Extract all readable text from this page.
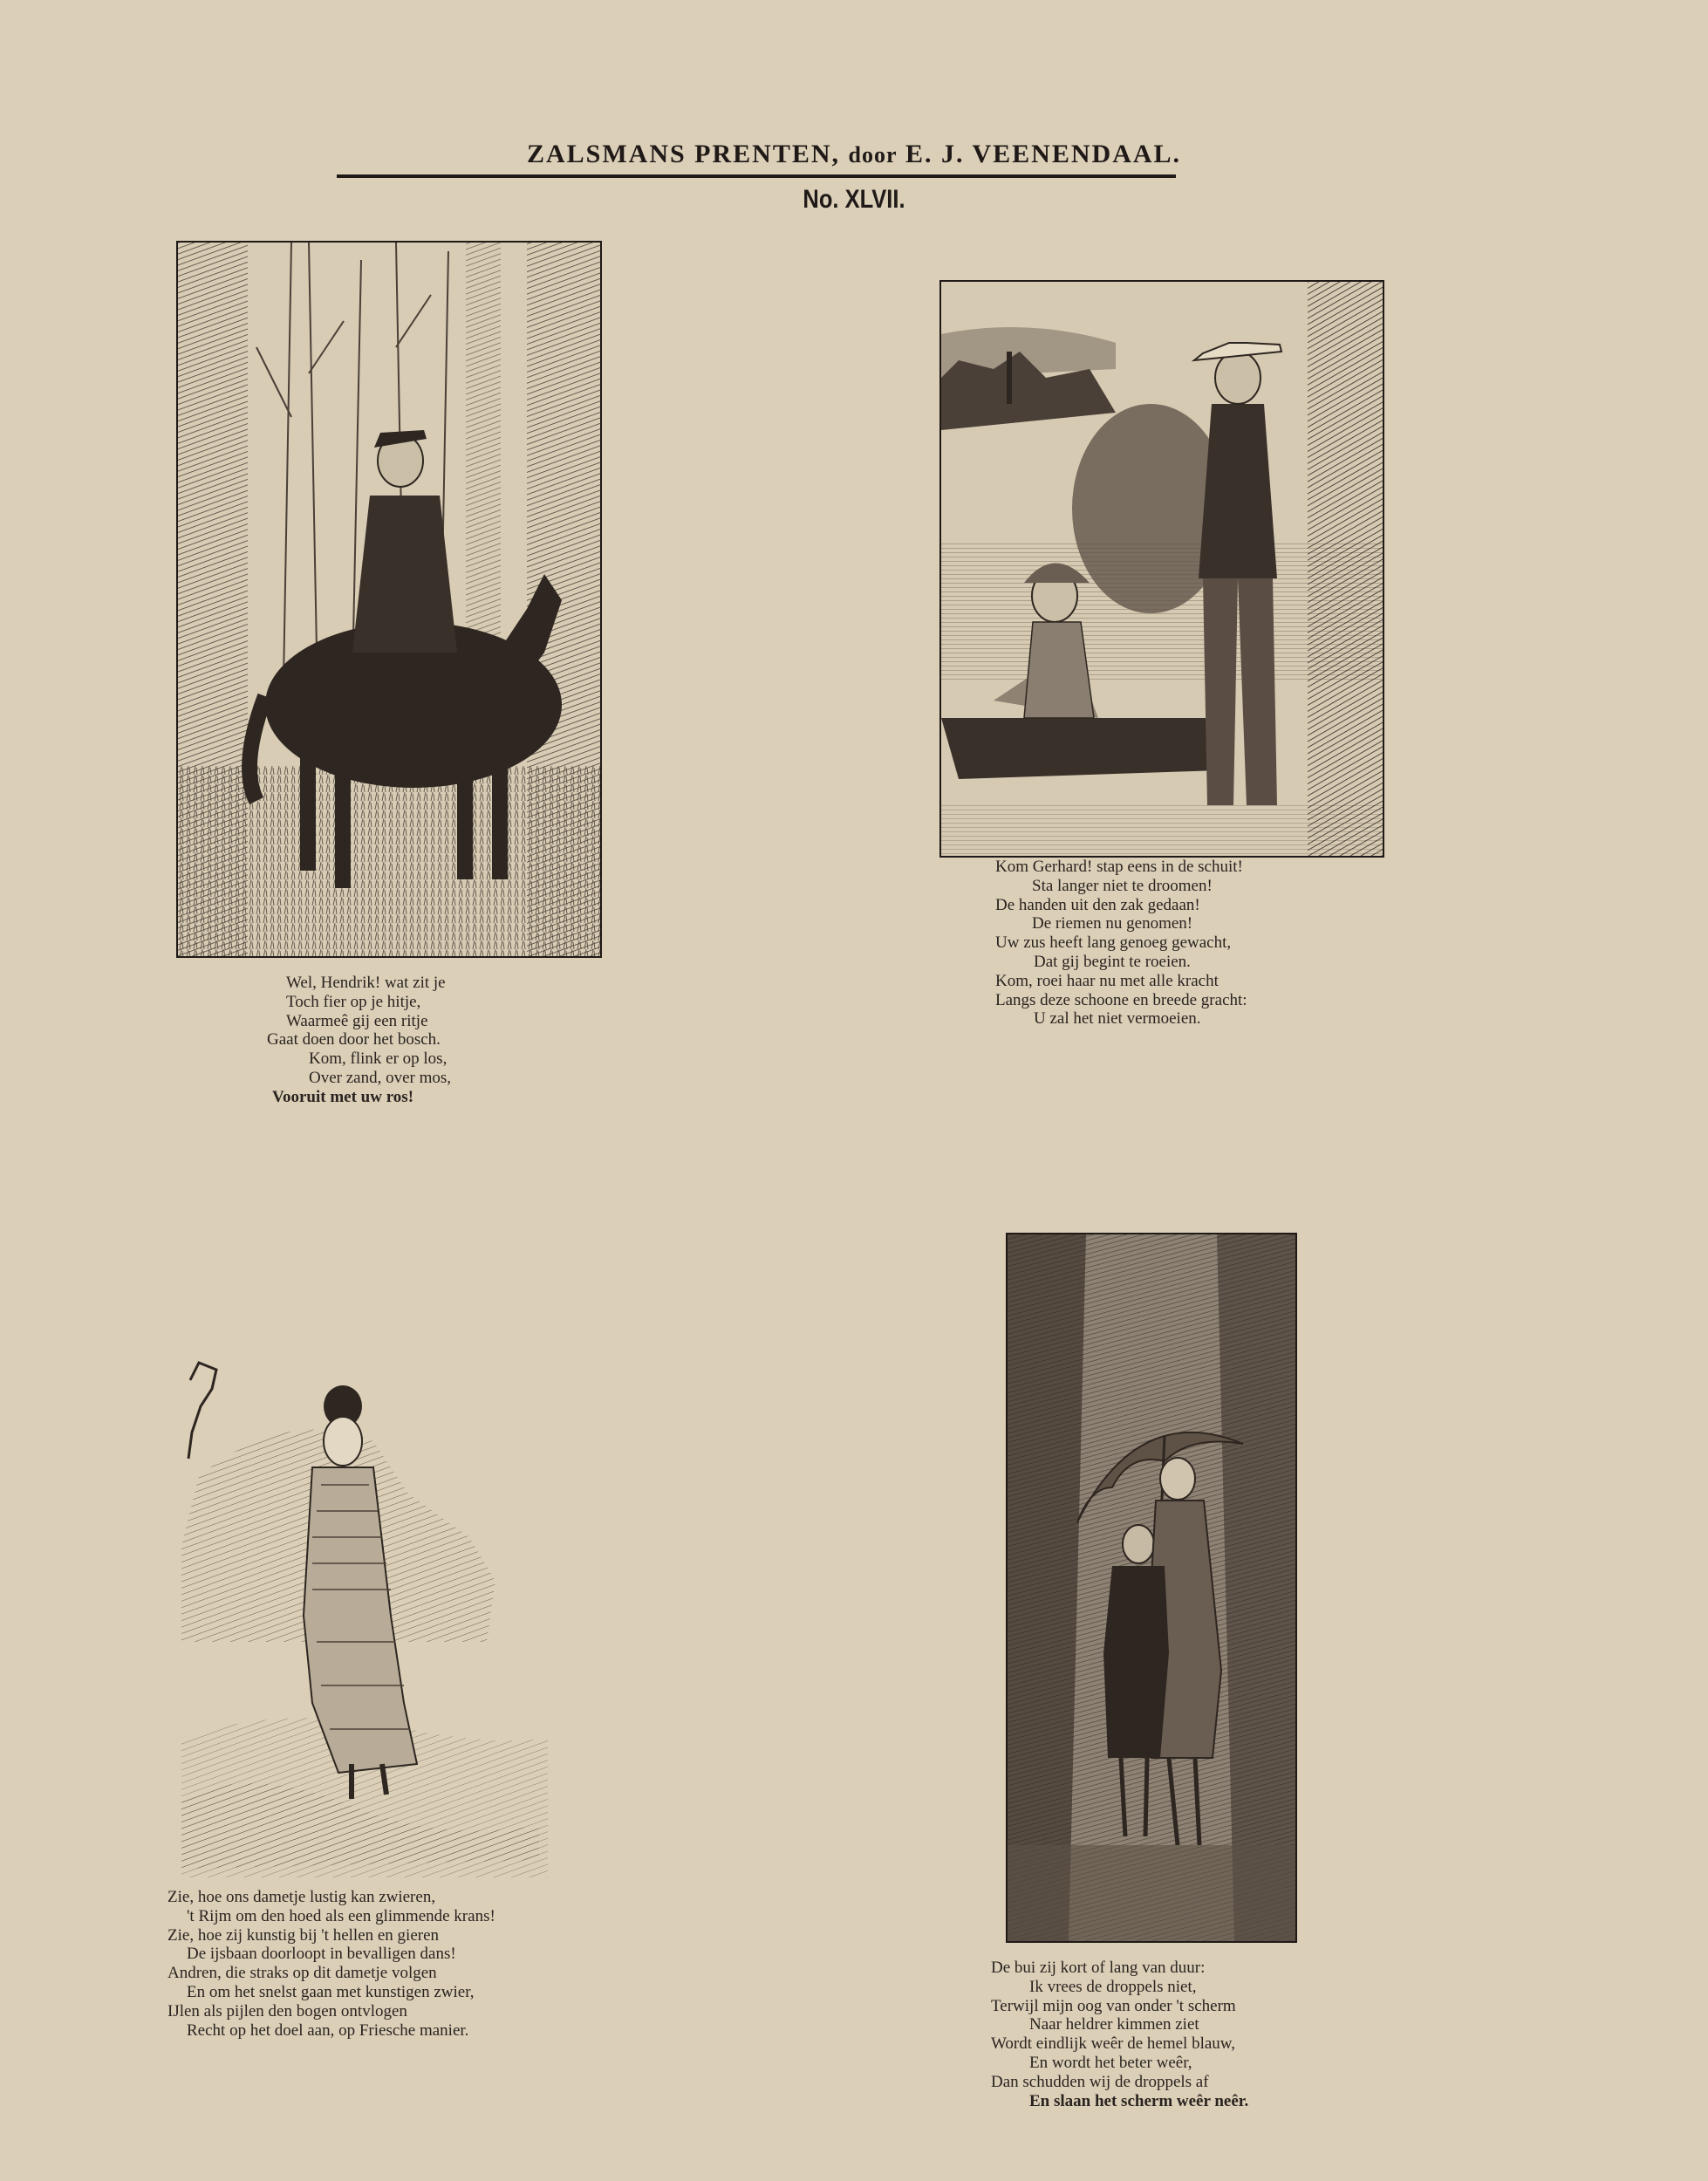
ZALSMANS PRENTEN, door E. J. VEENENDAAL.
No. XLVII.
Wel, Hendrik! wat zit je
Toch fier op je hitje,
Waarmeê gij een ritje
Gaat doen door het bosch.
Kom, flink er op los,
Over zand, over mos,
Vooruit met uw ros!
Kom Gerhard! stap eens in de schuit!
Sta langer niet te droomen!
De handen uit den zak gedaan!
De riemen nu genomen!
Uw zus heeft lang genoeg gewacht,
Dat gij begint te roeien.
Kom, roei haar nu met alle kracht
Langs deze schoone en breede gracht:
U zal het niet vermoeien.
Zie, hoe ons dametje lustig kan zwieren,
't Rijm om den hoed als een glimmende krans!
Zie, hoe zij kunstig bij 't hellen en gieren
De ijsbaan doorloopt in bevalligen dans!
Andren, die straks op dit dametje volgen
En om het snelst gaan met kunstigen zwier,
IJlen als pijlen den bogen ontvlogen
Recht op het doel aan, op Friesche manier.
De bui zij kort of lang van duur:
Ik vrees de droppels niet,
Terwijl mijn oog van onder 't scherm
Naar heldrer kimmen ziet
Wordt eindlijk weêr de hemel blauw,
En wordt het beter weêr,
Dan schudden wij de droppels af
En slaan het scherm weêr neêr.
